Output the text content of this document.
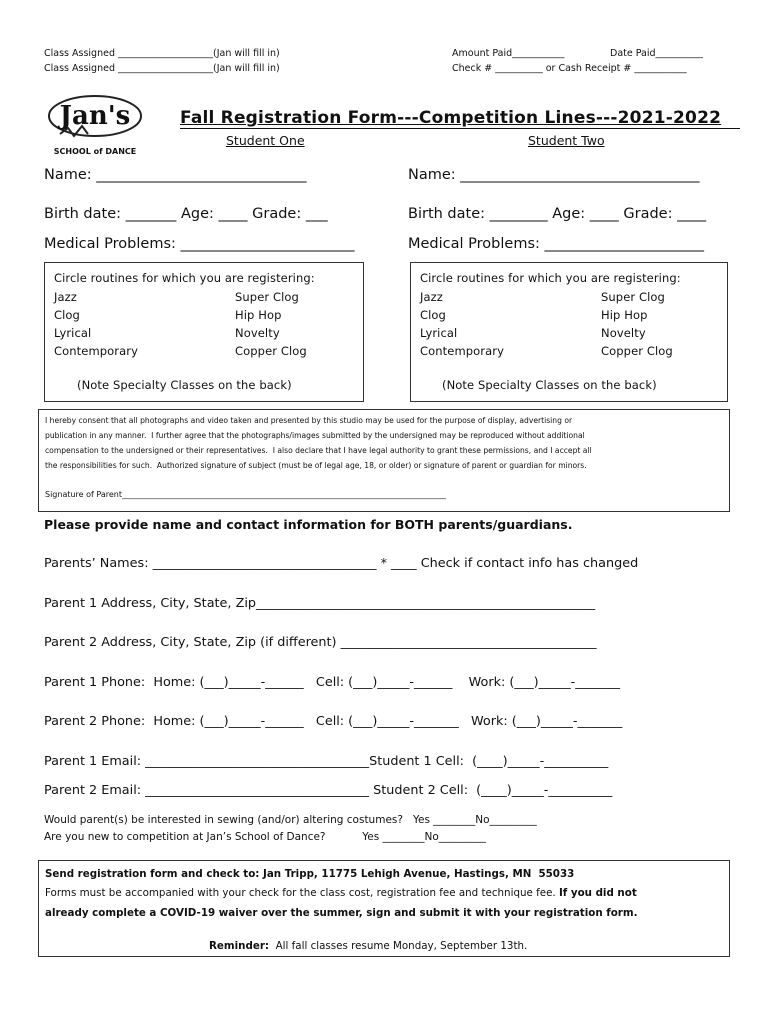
Class Assigned ____________________(Jan will fill in)
Class Assigned ____________________(Jan will fill in)
Amount Paid___________	Date Paid__________
Check # __________ or Cash Receipt # ___________
Jan's
SCHOOL of DANCE
Fall Registration Form---Competition Lines---2021-2022
Student One	Student Two
Name: _____________________________
Birth date: _______ Age: ____ Grade: ___
Medical Problems: ________________________
Name: _________________________________
Birth date: ________ Age: ____ Grade: ____
Medical Problems: ______________________
Circle routines for which you are registering:
Jazz
Clog
Lyrical
Contemporary
Super Clog
Hip Hop
Novelty
Copper Clog
(Note Specialty Classes on the back)
Circle routines for which you are registering:
Jazz
Clog
Lyrical
Contemporary
Super Clog
Hip Hop
Novelty
Copper Clog
(Note Specialty Classes on the back)
I hereby consent that all photographs and video taken and presented by this studio may be used for the purpose of display, advertising or
publication in any manner.  I further agree that the photographs/images submitted by the undersigned may be reproduced without additional
compensation to the undersigned or their representatives.  I also declare that I have legal authority to grant these permissions, and I accept all
the responsibilities for such.  Authorized signature of subject (must be of legal age, 18, or older) or signature of parent or guardian for minors.
Signature of Parent_________________________________________________________________________________
Please provide name and contact information for BOTH parents/guardians.
Parents’ Names: ___________________________________ * ____ Check if contact info has changed
Parent 1 Address, City, State, Zip_____________________________________________________
Parent 2 Address, City, State, Zip (if different) ________________________________________
Parent 1 Phone:  Home: (___)_____-______   Cell: (___)_____-______    Work: (___)_____-_______
Parent 2 Phone:  Home: (___)_____-______   Cell: (___)_____-_______   Work: (___)_____-_______
Parent 1 Email: ___________________________________Student 1 Cell:  (____)_____-__________
Parent 2 Email: ___________________________________ Student 2 Cell:  (____)_____-__________
Would parent(s) be interested in sewing (and/or) altering costumes?   Yes ________No_________
Are you new to competition at Jan’s School of Dance?           Yes ________No_________
Send registration form and check to: Jan Tripp, 11775 Lehigh Avenue, Hastings, MN  55033
Forms must be accompanied with your check for the class cost, registration fee and technique fee. If you did not
already complete a COVID-19 waiver over the summer, sign and submit it with your registration form.
Reminder:  All fall classes resume Monday, September 13th.
